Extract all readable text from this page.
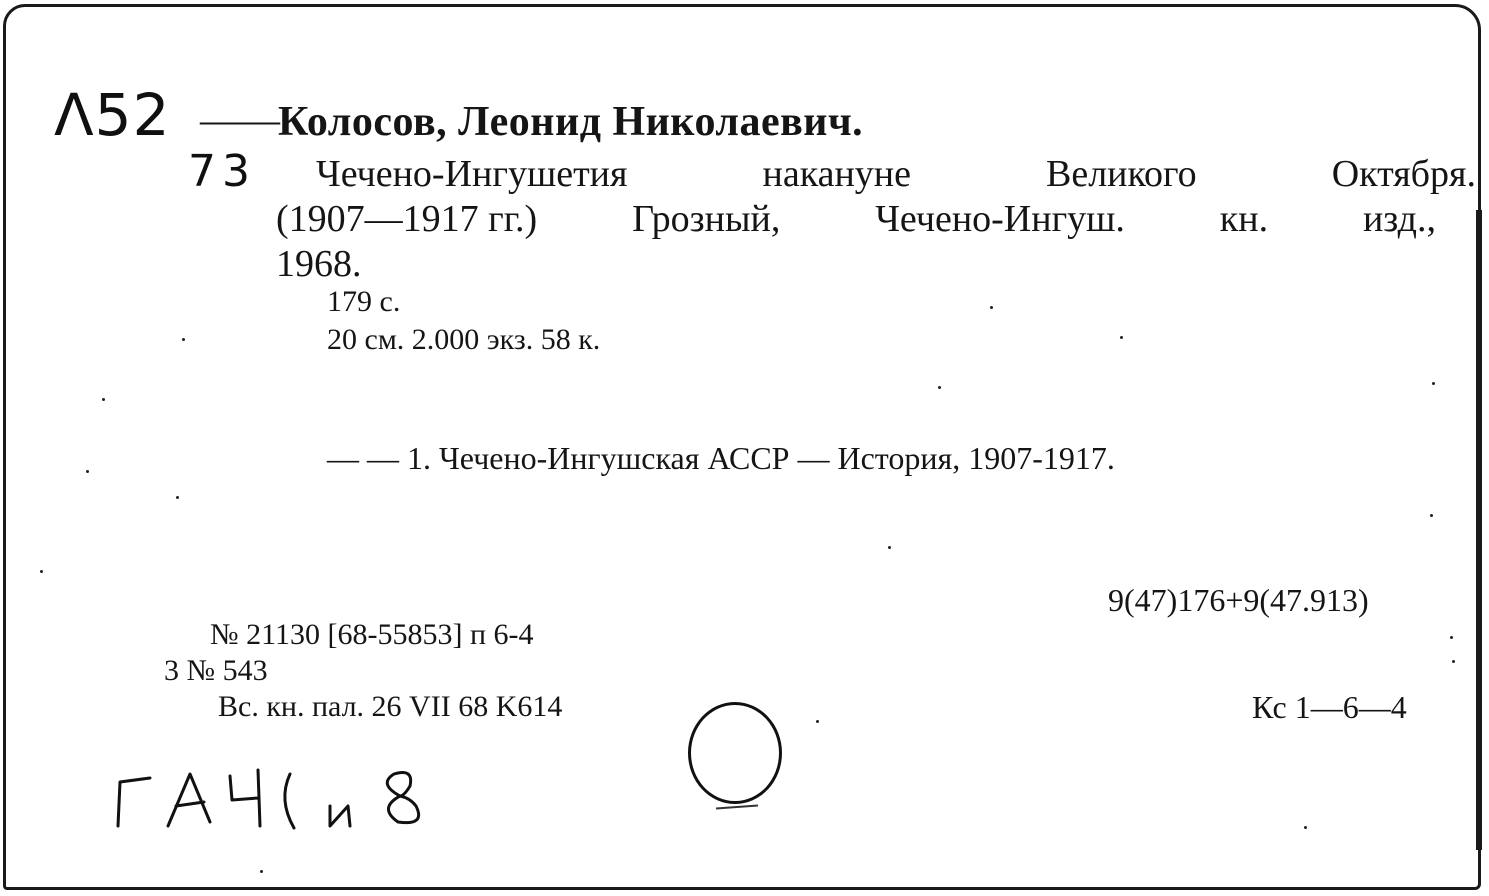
Λ52
73
——
Колосов, Леонид Николаевич.
Чечено-Ингушетия	накануне	Великого	Октября.
(1907—1917 гг.) Грозный, Чечено-Ингуш. кн. изд.,
1968.
179 с.
20 см. 2.000 экз. 58 к.
— — 1. Чечено-Ингушская АССР — История, 1907-1917.
9(47)176+9(47.913)
№ 21130 [68-55853] п 6-4
3 № 543
Вс. кн. пал. 26 VII 68 K614	Кс 1—6—4
